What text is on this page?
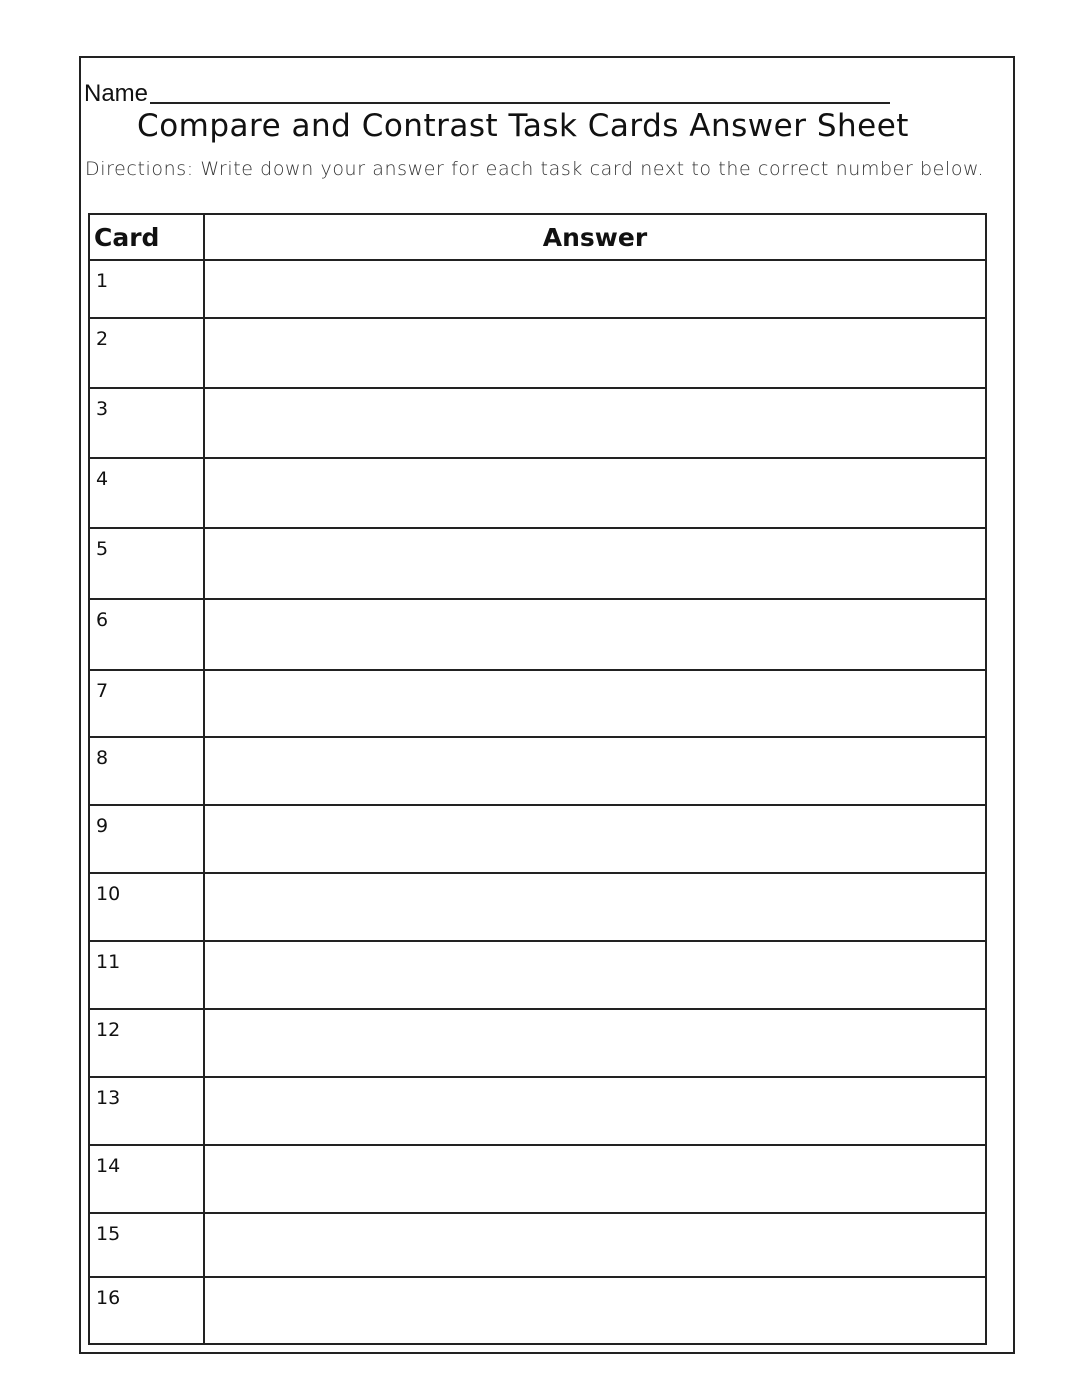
Name
Compare and Contrast Task Cards Answer Sheet
Directions: Write down your answer for each task card next to the correct number below.
Card	Answer
1	
2	
3	
4	
5	
6	
7	
8	
9	
10	
11	
12	
13	
14	
15	
16	
